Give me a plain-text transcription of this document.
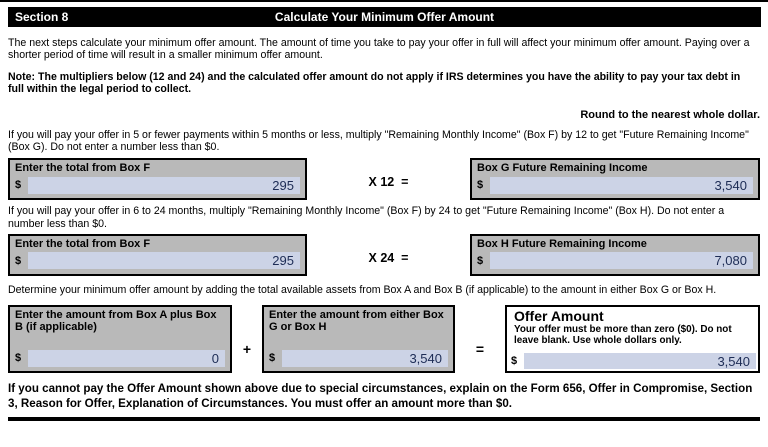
Section 8	Calculate Your Minimum Offer Amount
The next steps calculate your minimum offer amount. The amount of time you take to pay your offer in full will affect your minimum offer amount. Paying over a shorter period of time will result in a smaller minimum offer amount.
Note: The multipliers below (12 and 24) and the calculated offer amount do not apply if IRS determines you have the ability to pay your tax debt in full within the legal period to collect.
Round to the nearest whole dollar.
If you will pay your offer in 5 or fewer payments within 5 months or less, multiply "Remaining Monthly Income" (Box F) by 12 to get "Future Remaining Income" (Box G). Do not enter a number less than $0.
Enter the total from Box F
$	295	X 12  =
Box G Future Remaining Income
$	3,540
If you will pay your offer in 6 to 24 months, multiply "Remaining Monthly Income" (Box F) by 24 to get "Future Remaining Income" (Box H). Do not enter a number less than $0.
Enter the total from Box F
$	295	X 24  =
Box H Future Remaining Income
$	7,080
Determine your minimum offer amount by adding the total available assets from Box A and Box B (if applicable) to the amount in either Box G or Box H.
Enter the amount from Box A plus Box B (if applicable)
$	0
+
Enter the amount from either Box G or Box H
$	3,540
=
Offer Amount
Your offer must be more than zero ($0). Do not leave blank. Use whole dollars only.
$	3,540
If you cannot pay the Offer Amount shown above due to special circumstances, explain on the Form 656, Offer in Compromise, Section 3, Reason for Offer, Explanation of Circumstances. You must offer an amount more than $0.
